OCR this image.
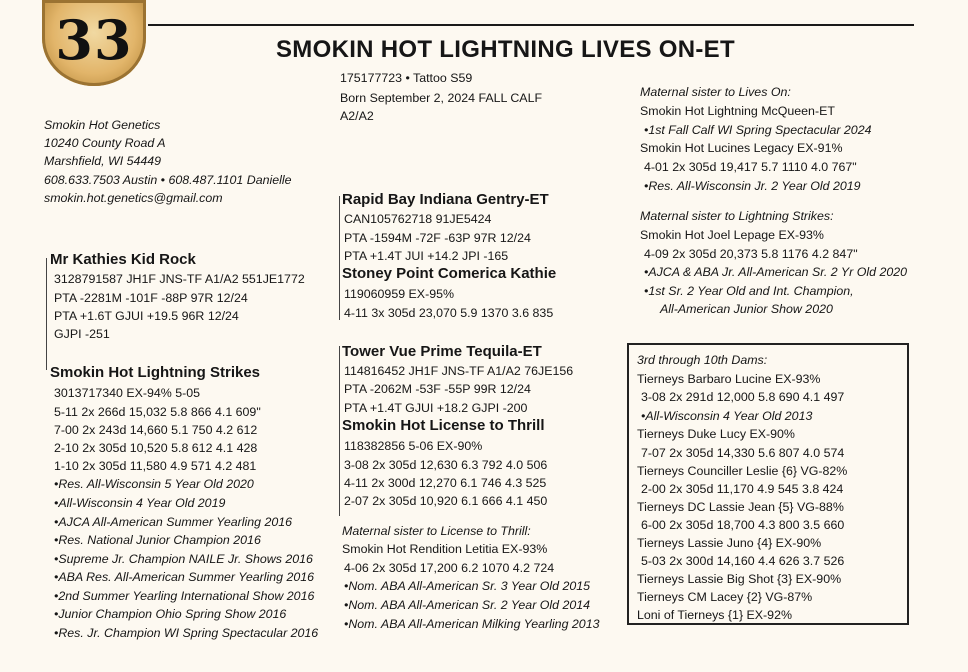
33	SMOKIN HOT LIGHTNING LIVES ON-ET
175177723 • Tattoo S59
Born September 2, 2024 FALL CALF
A2/A2
Smokin Hot Genetics
10240 County Road A
Marshfield, WI 54449
608.633.7503 Austin • 608.487.1101 Danielle
smokin.hot.genetics@gmail.com
Mr Kathies Kid Rock
3128791587 JH1F JNS-TF A1/A2 551JE1772
PTA -2281M -101F -88P 97R 12/24
PTA +1.6T GJUI +19.5 96R 12/24
GJPI -251
Smokin Hot Lightning Strikes
3013717340 EX-94% 5-05
5-11 2x 266d 15,032 5.8 866 4.1 609"
7-00 2x 243d 14,660 5.1 750 4.2 612
2-10 2x 305d 10,520 5.8 612 4.1 428
1-10 2x 305d 11,580 4.9 571 4.2 481
•Res. All-Wisconsin 5 Year Old 2020
•All-Wisconsin 4 Year Old 2019
•AJCA All-American Summer Yearling 2016
•Res. National Junior Champion 2016
•Supreme Jr. Champion NAILE Jr. Shows 2016
•ABA Res. All-American Summer Yearling 2016
•2nd Summer Yearling International Show 2016
•Junior Champion Ohio Spring Show 2016
•Res. Jr. Champion WI Spring Spectacular 2016
Rapid Bay Indiana Gentry-ET
CAN105762718 91JE5424
PTA -1594M -72F -63P 97R 12/24
PTA +1.4T JUI +14.2 JPI -165
Stoney Point Comerica Kathie
119060959 EX-95%
4-11 3x 305d 23,070 5.9 1370 3.6 835
Tower Vue Prime Tequila-ET
114816452 JH1F JNS-TF A1/A2 76JE156
PTA -2062M -53F -55P 99R 12/24
PTA +1.4T GJUI +18.2 GJPI -200
Smokin Hot License to Thrill
118382856 5-06 EX-90%
3-08 2x 305d 12,630 6.3 792 4.0 506
4-11 2x 300d 12,270 6.1 746 4.3 525
2-07 2x 305d 10,920 6.1 666 4.1 450
Maternal sister to License to Thrill:
Smokin Hot Rendition Letitia EX-93%
4-06 2x 305d 17,200 6.2 1070 4.2 724
•Nom. ABA All-American Sr. 3 Year Old 2015
•Nom. ABA All-American Sr. 2 Year Old 2014
•Nom. ABA All-American Milking Yearling 2013
Maternal sister to Lives On:
Smokin Hot Lightning McQueen-ET
•1st Fall Calf WI Spring Spectacular 2024
Smokin Hot Lucines Legacy EX-91%
4-01 2x 305d 19,417 5.7 1110 4.0 767"
•Res. All-Wisconsin Jr. 2 Year Old 2019
Maternal sister to Lightning Strikes:
Smokin Hot Joel Lepage EX-93%
4-09 2x 305d 20,373 5.8 1176 4.2 847"
•AJCA & ABA Jr. All-American Sr. 2 Yr Old 2020
•1st Sr. 2 Year Old and Int. Champion,
All-American Junior Show 2020
3rd through 10th Dams:
Tierneys Barbaro Lucine EX-93%
3-08 2x 291d 12,000 5.8 690 4.1 497
•All-Wisconsin 4 Year Old 2013
Tierneys Duke Lucy EX-90%
7-07 2x 305d 14,330 5.6 807 4.0 574
Tierneys Counciller Leslie {6} VG-82%
2-00 2x 305d 11,170 4.9 545 3.8 424
Tierneys DC Lassie Jean {5} VG-88%
6-00 2x 305d 18,700 4.3 800 3.5 660
Tierneys Lassie Juno {4} EX-90%
5-03 2x 300d 14,160 4.4 626 3.7 526
Tierneys Lassie Big Shot {3} EX-90%
Tierneys CM Lacey {2} VG-87%
Loni of Tierneys {1} EX-92%
